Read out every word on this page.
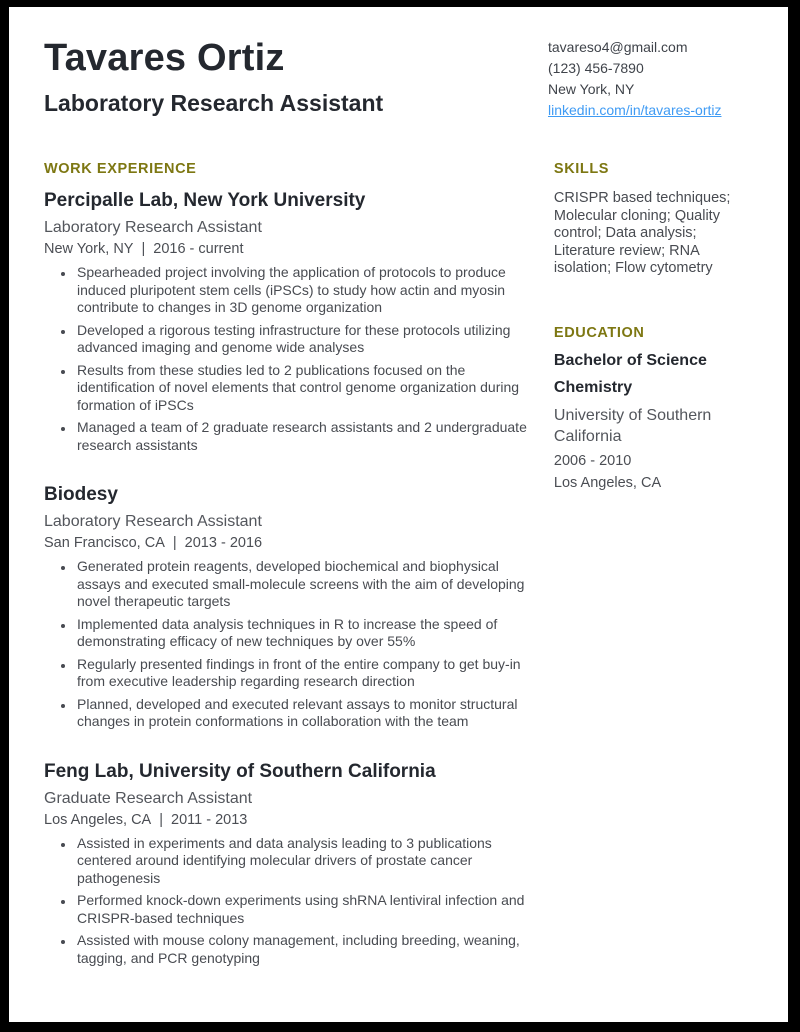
Tavares Ortiz
Laboratory Research Assistant
tavareso4@gmail.com
(123) 456-7890
New York, NY
linkedin.com/in/tavares-ortiz
WORK EXPERIENCE
Percipalle Lab, New York University
Laboratory Research Assistant
New York, NY | 2016 - current
• Spearheaded project involving the application of protocols to produce induced pluripotent stem cells (iPSCs) to study how actin and myosin contribute to changes in 3D genome organization
• Developed a rigorous testing infrastructure for these protocols utilizing advanced imaging and genome wide analyses
• Results from these studies led to 2 publications focused on the identification of novel elements that control genome organization during formation of iPSCs
• Managed a team of 2 graduate research assistants and 2 undergraduate research assistants
Biodesy
Laboratory Research Assistant
San Francisco, CA | 2013 - 2016
• Generated protein reagents, developed biochemical and biophysical assays and executed small-molecule screens with the aim of developing novel therapeutic targets
• Implemented data analysis techniques in R to increase the speed of demonstrating efficacy of new techniques by over 55%
• Regularly presented findings in front of the entire company to get buy-in from executive leadership regarding research direction
• Planned, developed and executed relevant assays to monitor structural changes in protein conformations in collaboration with the team
Feng Lab, University of Southern California
Graduate Research Assistant
Los Angeles, CA | 2011 - 2013
• Assisted in experiments and data analysis leading to 3 publications centered around identifying molecular drivers of prostate cancer pathogenesis
• Performed knock-down experiments using shRNA lentiviral infection and CRISPR-based techniques
• Assisted with mouse colony management, including breeding, weaning, tagging, and PCR genotyping
SKILLS
CRISPR based techniques; Molecular cloning; Quality control; Data analysis; Literature review; RNA isolation; Flow cytometry
EDUCATION
Bachelor of Science
Chemistry
University of Southern California
2006 - 2010
Los Angeles, CA
